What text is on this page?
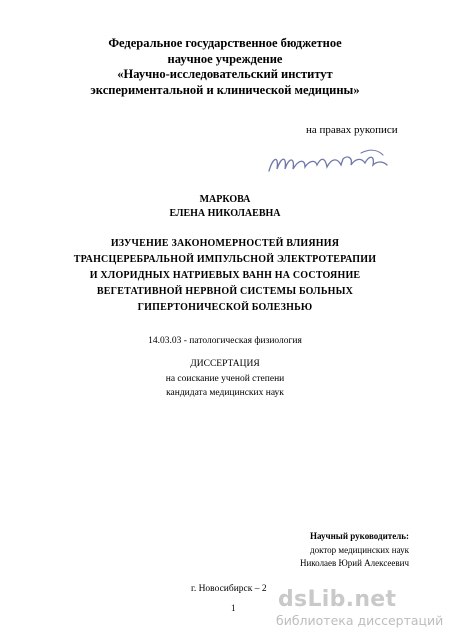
Федеральное государственное бюджетное
научное учреждение
«Научно-исследовательский институт
экспериментальной и клинической медицины»
на правах рукописи
МАРКОВА
ЕЛЕНА НИКОЛАЕВНА
ИЗУЧЕНИЕ ЗАКОНОМЕРНОСТЕЙ ВЛИЯНИЯ
ТРАНСЦЕРЕБРАЛЬНОЙ ИМПУЛЬСНОЙ ЭЛЕКТРОТЕРАПИИ
И ХЛОРИДНЫХ НАТРИЕВЫХ ВАНН НА СОСТОЯНИЕ
ВЕГЕТАТИВНОЙ НЕРВНОЙ СИСТЕМЫ БОЛЬНЫХ
ГИПЕРТОНИЧЕСКОЙ БОЛЕЗНЬЮ
14.03.03 - патологическая физиология
ДИССЕРТАЦИЯ
на соискание ученой степени
кандидата медицинских наук
Научный руководитель:
доктор медицинских наук
Николаев Юрий Алексеевич
г. Новосибирск – 2
1 dsLib.net
библиотека диссертаций
